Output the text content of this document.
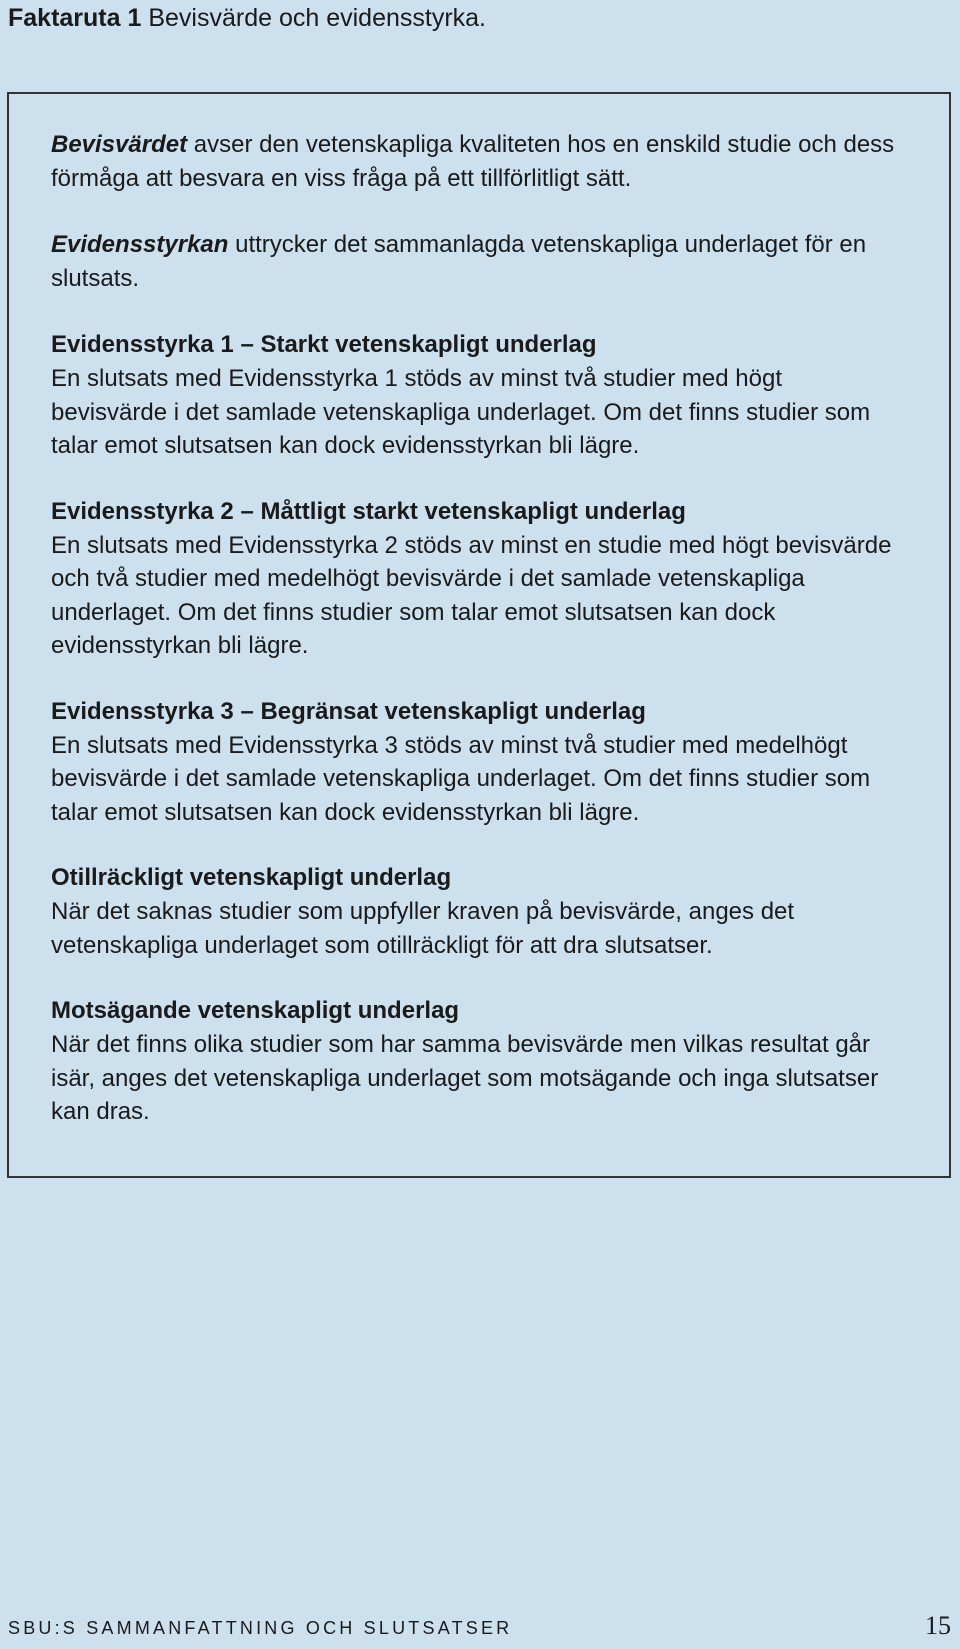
Faktaruta 1 Bevisvärde och evidensstyrka.

Bevisvärdet avser den vetenskapliga kvaliteten hos en enskild studie och dess förmåga att besvara en viss fråga på ett tillförlitligt sätt.

Evidensstyrkan uttrycker det sammanlagda vetenskapliga underlaget för en slutsats.

Evidensstyrka 1 – Starkt vetenskapligt underlag

En slutsats med Evidensstyrka 1 stöds av minst två studier med högt bevisvärde i det samlade vetenskapliga underlaget. Om det finns studier som talar emot slutsatsen kan dock evidensstyrkan bli lägre.

Evidensstyrka 2 – Måttligt starkt vetenskapligt underlag

En slutsats med Evidensstyrka 2 stöds av minst en studie med högt bevisvärde och två studier med medelhögt bevisvärde i det samlade vetenskapliga underlaget. Om det finns studier som talar emot slutsatsen kan dock evidensstyrkan bli lägre.

Evidensstyrka 3 – Begränsat vetenskapligt underlag

En slutsats med Evidensstyrka 3 stöds av minst två studier med medelhögt bevisvärde i det samlade vetenskapliga underlaget. Om det finns studier som talar emot slutsatsen kan dock evidensstyrkan bli lägre.

Otillräckligt vetenskapligt underlag

När det saknas studier som uppfyller kraven på bevisvärde, anges det vetenskapliga underlaget som otillräckligt för att dra slutsatser.

Motsägande vetenskapligt underlag

När det finns olika studier som har samma bevisvärde men vilkas resultat går isär, anges det vetenskapliga underlaget som motsägande och inga slutsatser kan dras.

SBU:S SAMMANFATTNING OCH SLUTSATSER	15
